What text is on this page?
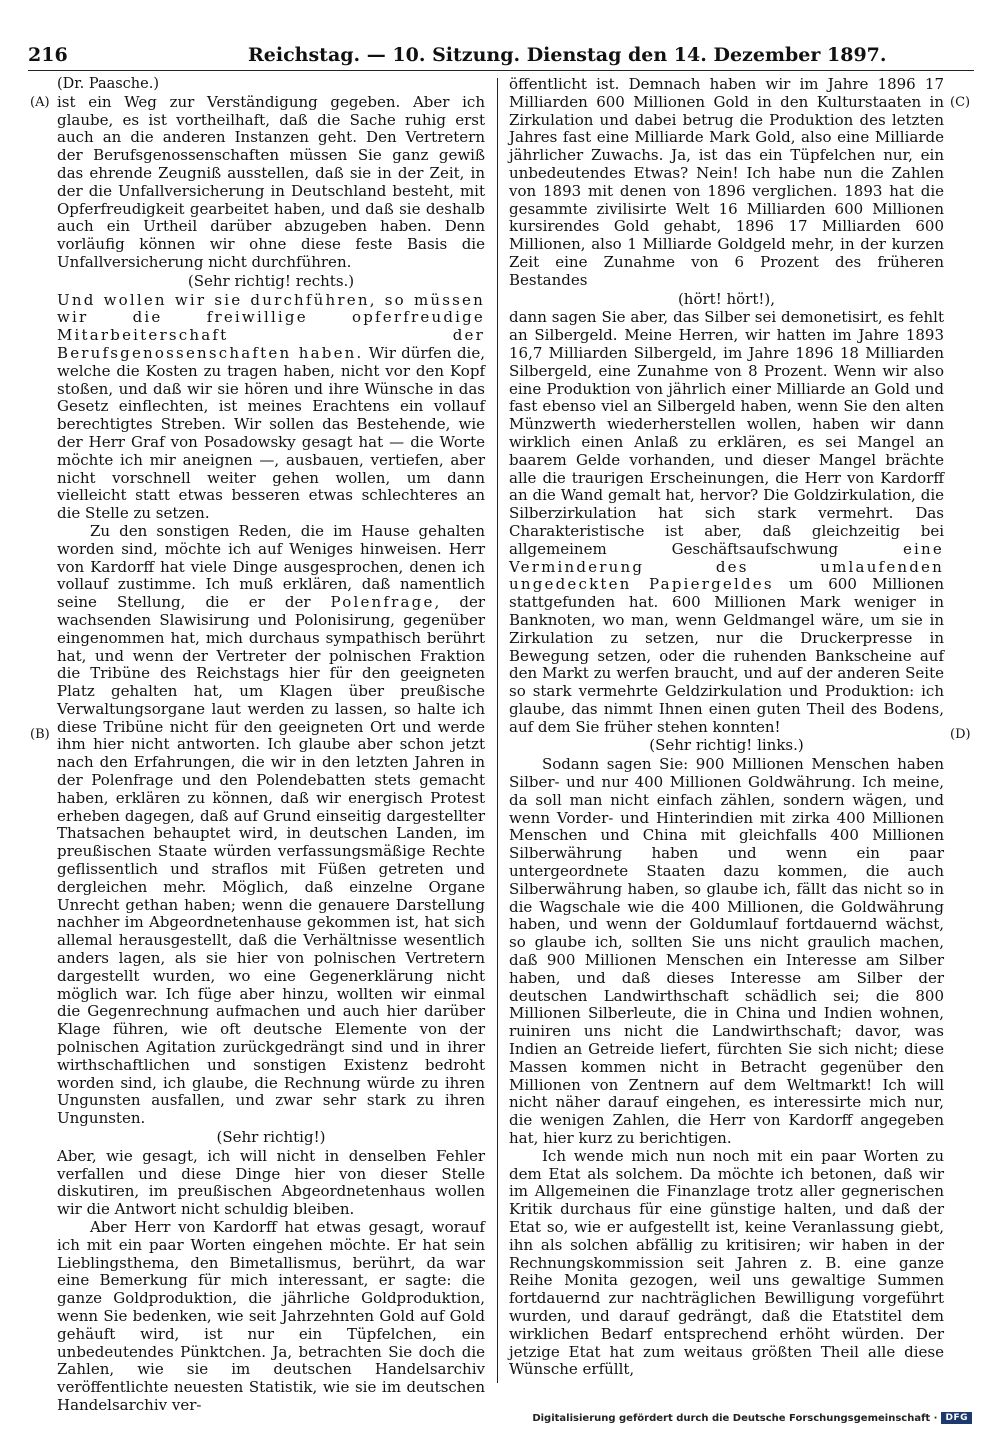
216	Reichstag. — 10. Sitzung. Dienstag den 14. Dezember 1897.
(A)
(B)
(C)
(D)

(Dr. Paasche.)

ist ein Weg zur Verständigung gegeben. Aber ich glaube, es ist vortheilhaft, daß die Sache ruhig erst auch an die anderen Instanzen geht. Den Vertretern der Berufsgenossenschaften müssen Sie ganz gewiß das ehrende Zeugniß ausstellen, daß sie in der Zeit, in der die Unfallversicherung in Deutschland besteht, mit Opferfreudigkeit gearbeitet haben, und daß sie deshalb auch ein Urtheil darüber abzugeben haben. Denn vorläufig können wir ohne diese feste Basis die Unfallversicherung nicht durchführen.

(Sehr richtig! rechts.)

Und wollen wir sie durchführen, so müssen wir die freiwillige opferfreudige Mitarbeiterschaft der Berufsgenossenschaften haben. Wir dürfen die, welche die Kosten zu tragen haben, nicht vor den Kopf stoßen, und daß wir sie hören und ihre Wünsche in das Gesetz einflechten, ist meines Erachtens ein vollauf berechtigtes Streben. Wir sollen das Bestehende, wie der Herr Graf von Posadowsky gesagt hat — die Worte möchte ich mir aneignen —, ausbauen, vertiefen, aber nicht vorschnell weiter gehen wollen, um dann vielleicht statt etwas besseren etwas schlechteres an die Stelle zu setzen.

Zu den sonstigen Reden, die im Hause gehalten worden sind, möchte ich auf Weniges hinweisen. Herr von Kardorff hat viele Dinge ausgesprochen, denen ich vollauf zustimme. Ich muß erklären, daß namentlich seine Stellung, die er der Polenfrage, der wachsenden Slawisirung und Polonisirung, gegenüber eingenommen hat, mich durchaus sympathisch berührt hat, und wenn der Vertreter der polnischen Fraktion die Tribüne des Reichstags hier für den geeigneten Platz gehalten hat, um Klagen über preußische Verwaltungsorgane laut werden zu lassen, so halte ich diese Tribüne nicht für den geeigneten Ort und werde ihm hier nicht antworten. Ich glaube aber schon jetzt nach den Erfahrungen, die wir in den letzten Jahren in der Polenfrage und den Polendebatten stets gemacht haben, erklären zu können, daß wir energisch Protest erheben dagegen, daß auf Grund einseitig dargestellter Thatsachen behauptet wird, in deutschen Landen, im preußischen Staate würden verfassungsmäßige Rechte geflissentlich und straflos mit Füßen getreten und dergleichen mehr. Möglich, daß einzelne Organe Unrecht gethan haben; wenn die genauere Darstellung nachher im Abgeordnetenhause gekommen ist, hat sich allemal herausgestellt, daß die Verhältnisse wesentlich anders lagen, als sie hier von polnischen Vertretern dargestellt wurden, wo eine Gegenerklärung nicht möglich war. Ich füge aber hinzu, wollten wir einmal die Gegenrechnung aufmachen und auch hier darüber Klage führen, wie oft deutsche Elemente von der polnischen Agitation zurückgedrängt sind und in ihrer wirthschaftlichen und sonstigen Existenz bedroht worden sind, ich glaube, die Rechnung würde zu ihren Ungunsten ausfallen, und zwar sehr stark zu ihren Ungunsten.

(Sehr richtig!)

Aber, wie gesagt, ich will nicht in denselben Fehler verfallen und diese Dinge hier von dieser Stelle diskutiren, im preußischen Abgeordnetenhaus wollen wir die Antwort nicht schuldig bleiben.

Aber Herr von Kardorff hat etwas gesagt, worauf ich mit ein paar Worten eingehen möchte. Er hat sein Lieblingsthema, den Bimetallismus, berührt, da war eine Bemerkung für mich interessant, er sagte: die ganze Goldproduktion, die jährliche Goldproduktion, wenn Sie bedenken, wie seit Jahrzehnten Gold auf Gold gehäuft wird, ist nur ein Tüpfelchen, ein unbedeutendes Pünktchen. Ja, betrachten Sie doch die Zahlen, wie sie im deutschen Handelsarchiv veröffentlichte neuesten Statistik, wie sie im deutschen Handelsarchiv ver-

öffentlicht ist. Demnach haben wir im Jahre 1896 17 Milliarden 600 Millionen Gold in den Kulturstaaten in Zirkulation und dabei betrug die Produktion des letzten Jahres fast eine Milliarde Mark Gold, also eine Milliarde jährlicher Zuwachs. Ja, ist das ein Tüpfelchen nur, ein unbedeutendes Etwas? Nein! Ich habe nun die Zahlen von 1893 mit denen von 1896 verglichen. 1893 hat die gesammte zivilisirte Welt 16 Milliarden 600 Millionen kursirendes Gold gehabt, 1896 17 Milliarden 600 Millionen, also 1 Milliarde Goldgeld mehr, in der kurzen Zeit eine Zunahme von 6 Prozent des früheren Bestandes

(hört! hört!),

dann sagen Sie aber, das Silber sei demonetisirt, es fehlt an Silbergeld. Meine Herren, wir hatten im Jahre 1893 16,7 Milliarden Silbergeld, im Jahre 1896 18 Milliarden Silbergeld, eine Zunahme von 8 Prozent. Wenn wir also eine Produktion von jährlich einer Milliarde an Gold und fast ebenso viel an Silbergeld haben, wenn Sie den alten Münzwerth wiederherstellen wollen, haben wir dann wirklich einen Anlaß zu erklären, es sei Mangel an baarem Gelde vorhanden, und dieser Mangel brächte alle die traurigen Erscheinungen, die Herr von Kardorff an die Wand gemalt hat, hervor? Die Goldzirkulation, die Silberzirkulation hat sich stark vermehrt. Das Charakteristische ist aber, daß gleichzeitig bei allgemeinem Geschäftsaufschwung eine Verminderung des umlaufenden ungedeckten Papiergeldes um 600 Millionen stattgefunden hat. 600 Millionen Mark weniger in Banknoten, wo man, wenn Geldmangel wäre, um sie in Zirkulation zu setzen, nur die Druckerpresse in Bewegung setzen, oder die ruhenden Bankscheine auf den Markt zu werfen braucht, und auf der anderen Seite so stark vermehrte Geldzirkulation und Produktion: ich glaube, das nimmt Ihnen einen guten Theil des Bodens, auf dem Sie früher stehen konnten!

(Sehr richtig! links.)

Sodann sagen Sie: 900 Millionen Menschen haben Silber- und nur 400 Millionen Goldwährung. Ich meine, da soll man nicht einfach zählen, sondern wägen, und wenn Vorder- und Hinterindien mit zirka 400 Millionen Menschen und China mit gleichfalls 400 Millionen Silberwährung haben und wenn ein paar untergeordnete Staaten dazu kommen, die auch Silberwährung haben, so glaube ich, fällt das nicht so in die Wagschale wie die 400 Millionen, die Goldwährung haben, und wenn der Goldumlauf fortdauernd wächst, so glaube ich, sollten Sie uns nicht graulich machen, daß 900 Millionen Menschen ein Interesse am Silber haben, und daß dieses Interesse am Silber der deutschen Landwirthschaft schädlich sei; die 800 Millionen Silberleute, die in China und Indien wohnen, ruiniren uns nicht die Landwirthschaft; davor, was Indien an Getreide liefert, fürchten Sie sich nicht; diese Massen kommen nicht in Betracht gegenüber den Millionen von Zentnern auf dem Weltmarkt! Ich will nicht näher darauf eingehen, es interessirte mich nur, die wenigen Zahlen, die Herr von Kardorff angegeben hat, hier kurz zu berichtigen.

Ich wende mich nun noch mit ein paar Worten zu dem Etat als solchem. Da möchte ich betonen, daß wir im Allgemeinen die Finanzlage trotz aller gegnerischen Kritik durchaus für eine günstige halten, und daß der Etat so, wie er aufgestellt ist, keine Veranlassung giebt, ihn als solchen abfällig zu kritisiren; wir haben in der Rechnungskommission seit Jahren z. B. eine ganze Reihe Monita gezogen, weil uns gewaltige Summen fortdauernd zur nachträglichen Bewilligung vorgeführt wurden, und darauf gedrängt, daß die Etatstitel dem wirklichen Bedarf entsprechend erhöht würden. Der jetzige Etat hat zum weitaus größten Theil alle diese Wünsche erfüllt,

Digitalisierung gefördert durch die Deutsche Forschungsgemeinschaft · DFG
